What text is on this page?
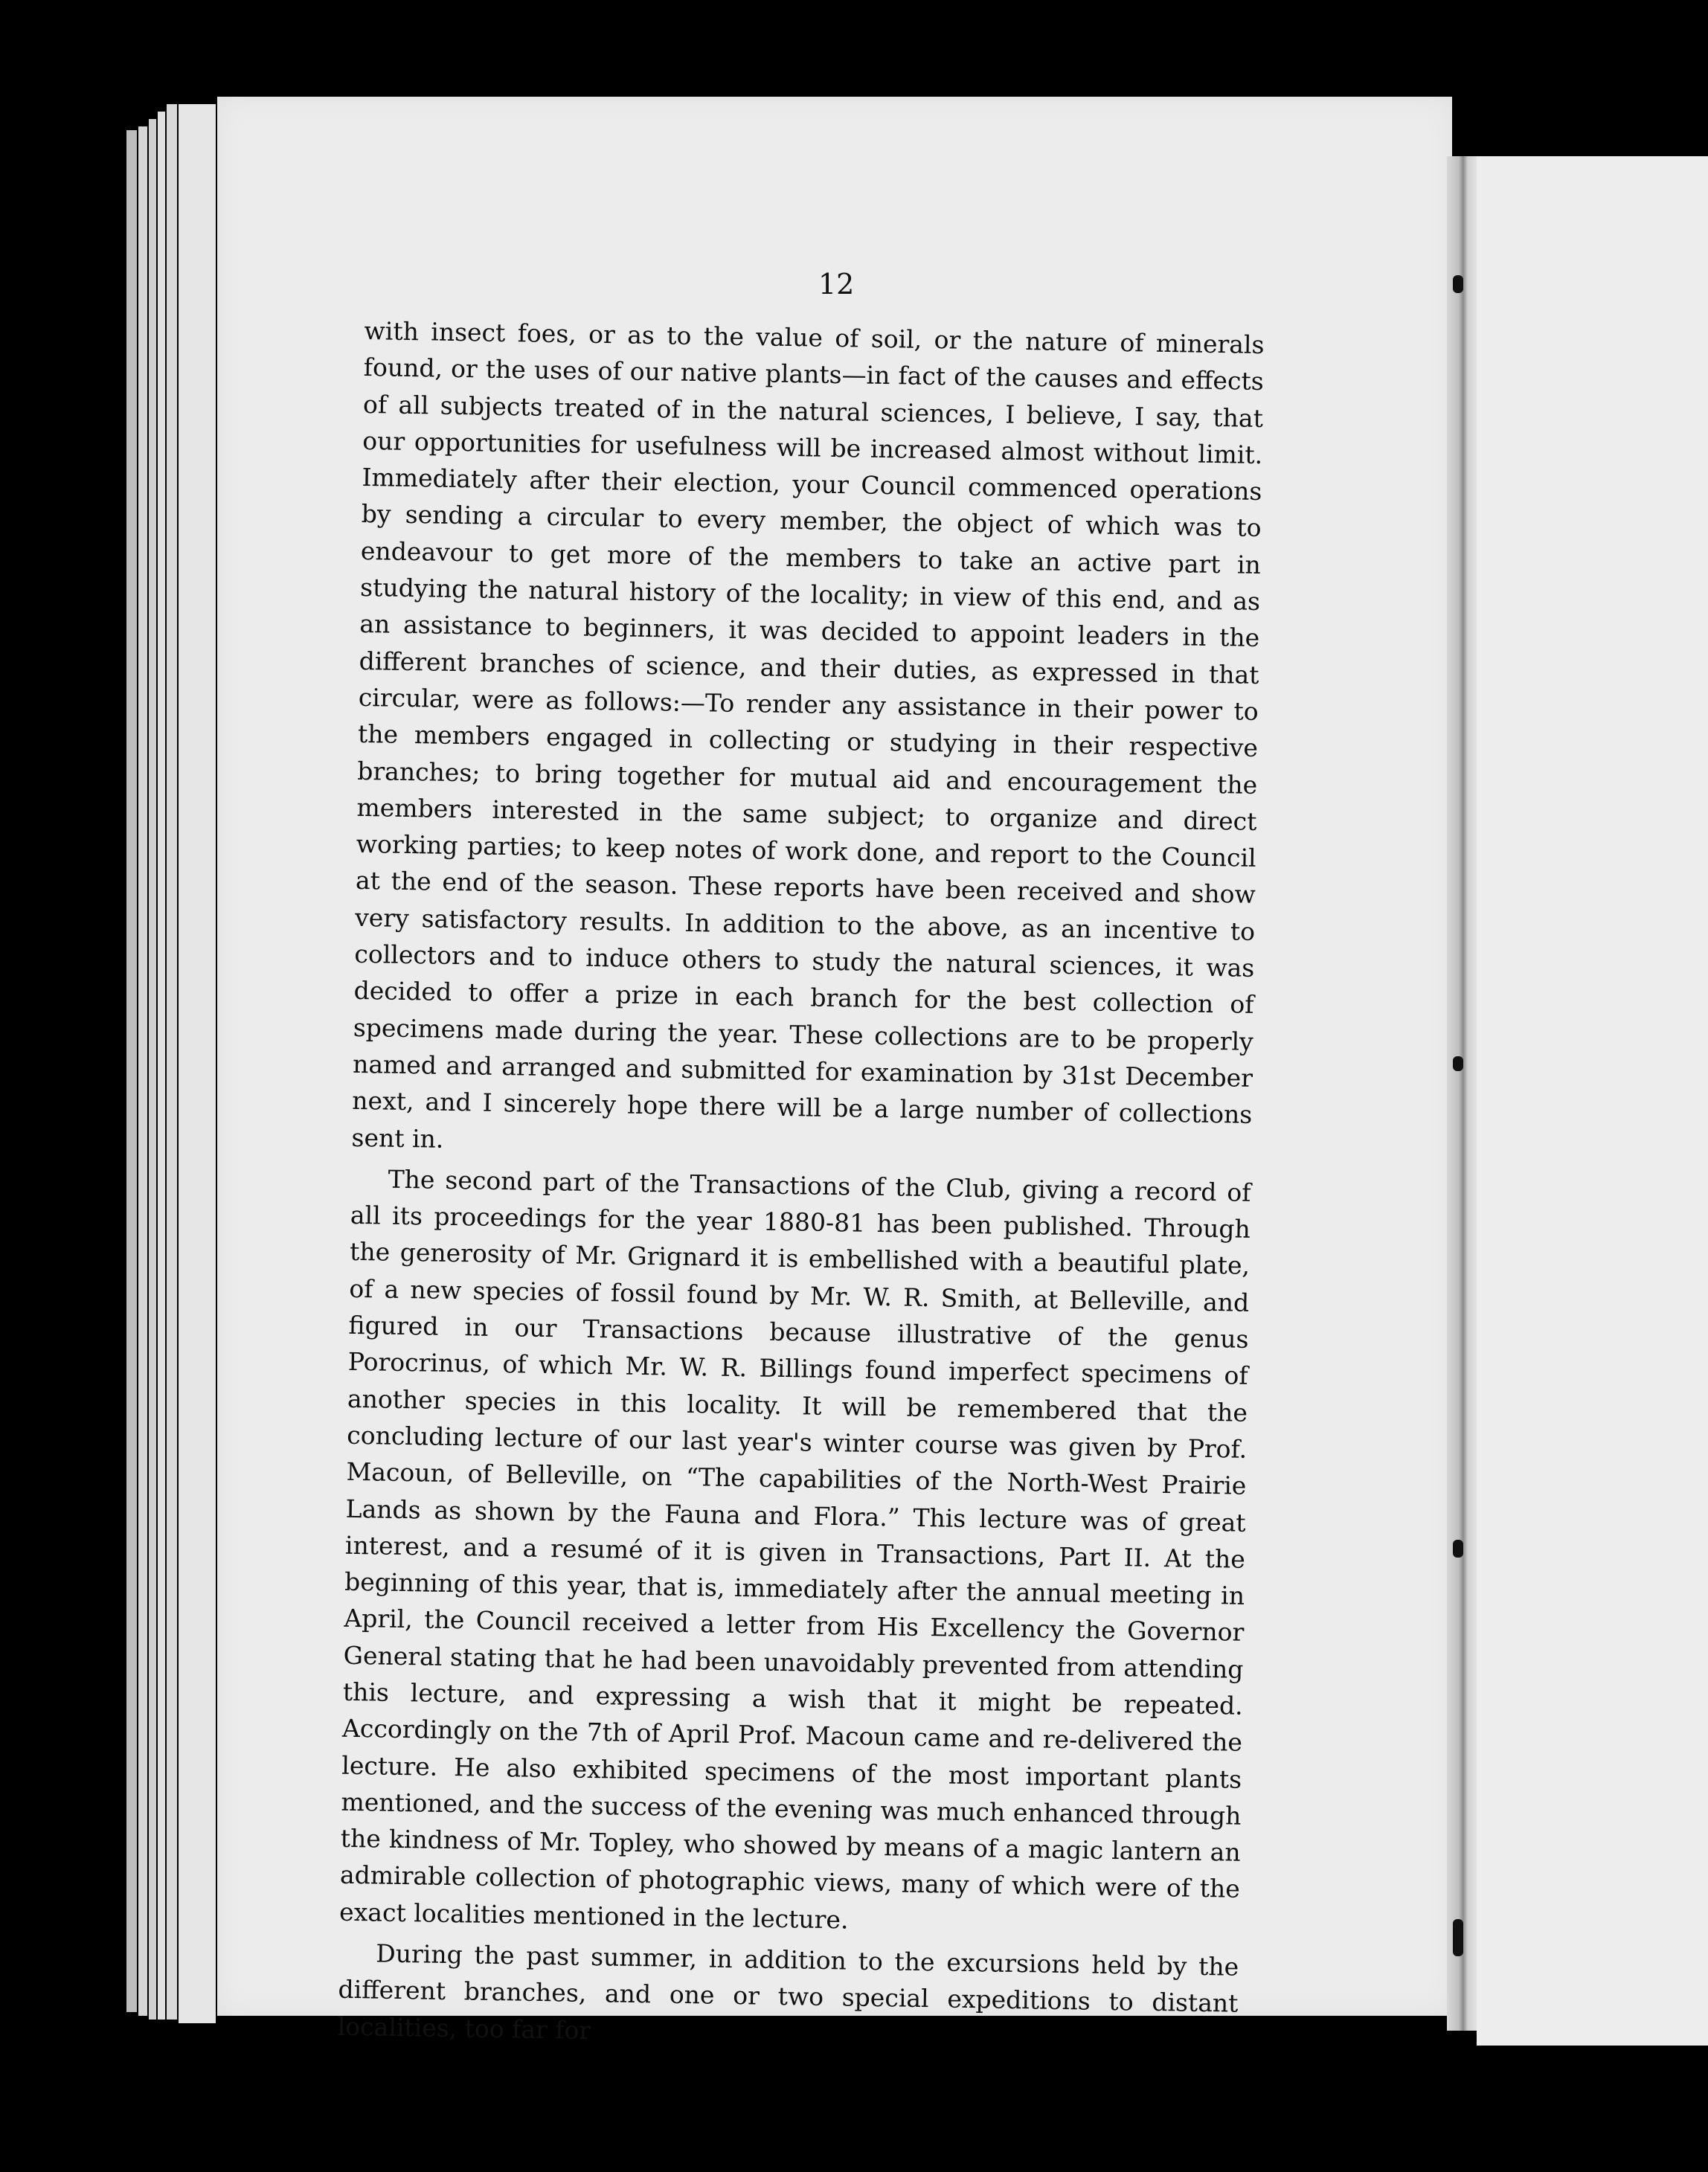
12

with insect foes, or as to the value of soil, or the nature of minerals found, or the uses of our native plants—in fact of the causes and effects of all subjects treated of in the natural sciences, I believe, I say, that our opportunities for usefulness will be increased almost without limit. Immediately after their election, your Council commenced operations by sending a circular to every member, the object of which was to endeavour to get more of the members to take an active part in studying the natural history of the locality; in view of this end, and as an assistance to beginners, it was decided to appoint leaders in the different branches of science, and their duties, as expressed in that circular, were as follows:—To render any assistance in their power to the members engaged in collecting or studying in their respective branches; to bring together for mutual aid and encouragement the members interested in the same subject; to organize and direct working parties; to keep notes of work done, and report to the Council at the end of the season. These reports have been received and show very satisfactory results. In addition to the above, as an incentive to collectors and to induce others to study the natural sciences, it was decided to offer a prize in each branch for the best collection of specimens made during the year. These collections are to be properly named and arranged and submitted for examination by 31st December next, and I sincerely hope there will be a large number of collections sent in.

The second part of the Transactions of the Club, giving a record of all its proceedings for the year 1880-81 has been published. Through the generosity of Mr. Grignard it is embellished with a beautiful plate, of a new species of fossil found by Mr. W. R. Smith, at Belleville, and figured in our Transactions because illustrative of the genus Porocrinus, of which Mr. W. R. Billings found imperfect specimens of another species in this locality. It will be remembered that the concluding lecture of our last year's winter course was given by Prof. Macoun, of Belleville, on “The capabilities of the North-West Prairie Lands as shown by the Fauna and Flora.” This lecture was of great interest, and a resumé of it is given in Transactions, Part II. At the beginning of this year, that is, immediately after the annual meeting in April, the Council received a letter from His Excellency the Governor General stating that he had been unavoidably prevented from attending this lecture, and expressing a wish that it might be repeated. Accordingly on the 7th of April Prof. Macoun came and re-delivered the lecture. He also exhibited specimens of the most important plants mentioned, and the success of the evening was much enhanced through the kindness of Mr. Topley, who showed by means of a magic lantern an admirable collection of photographic views, many of which were of the exact localities mentioned in the lecture.

During the past summer, in addition to the excursions held by the different branches, and one or two special expeditions to distant localities, too far for
